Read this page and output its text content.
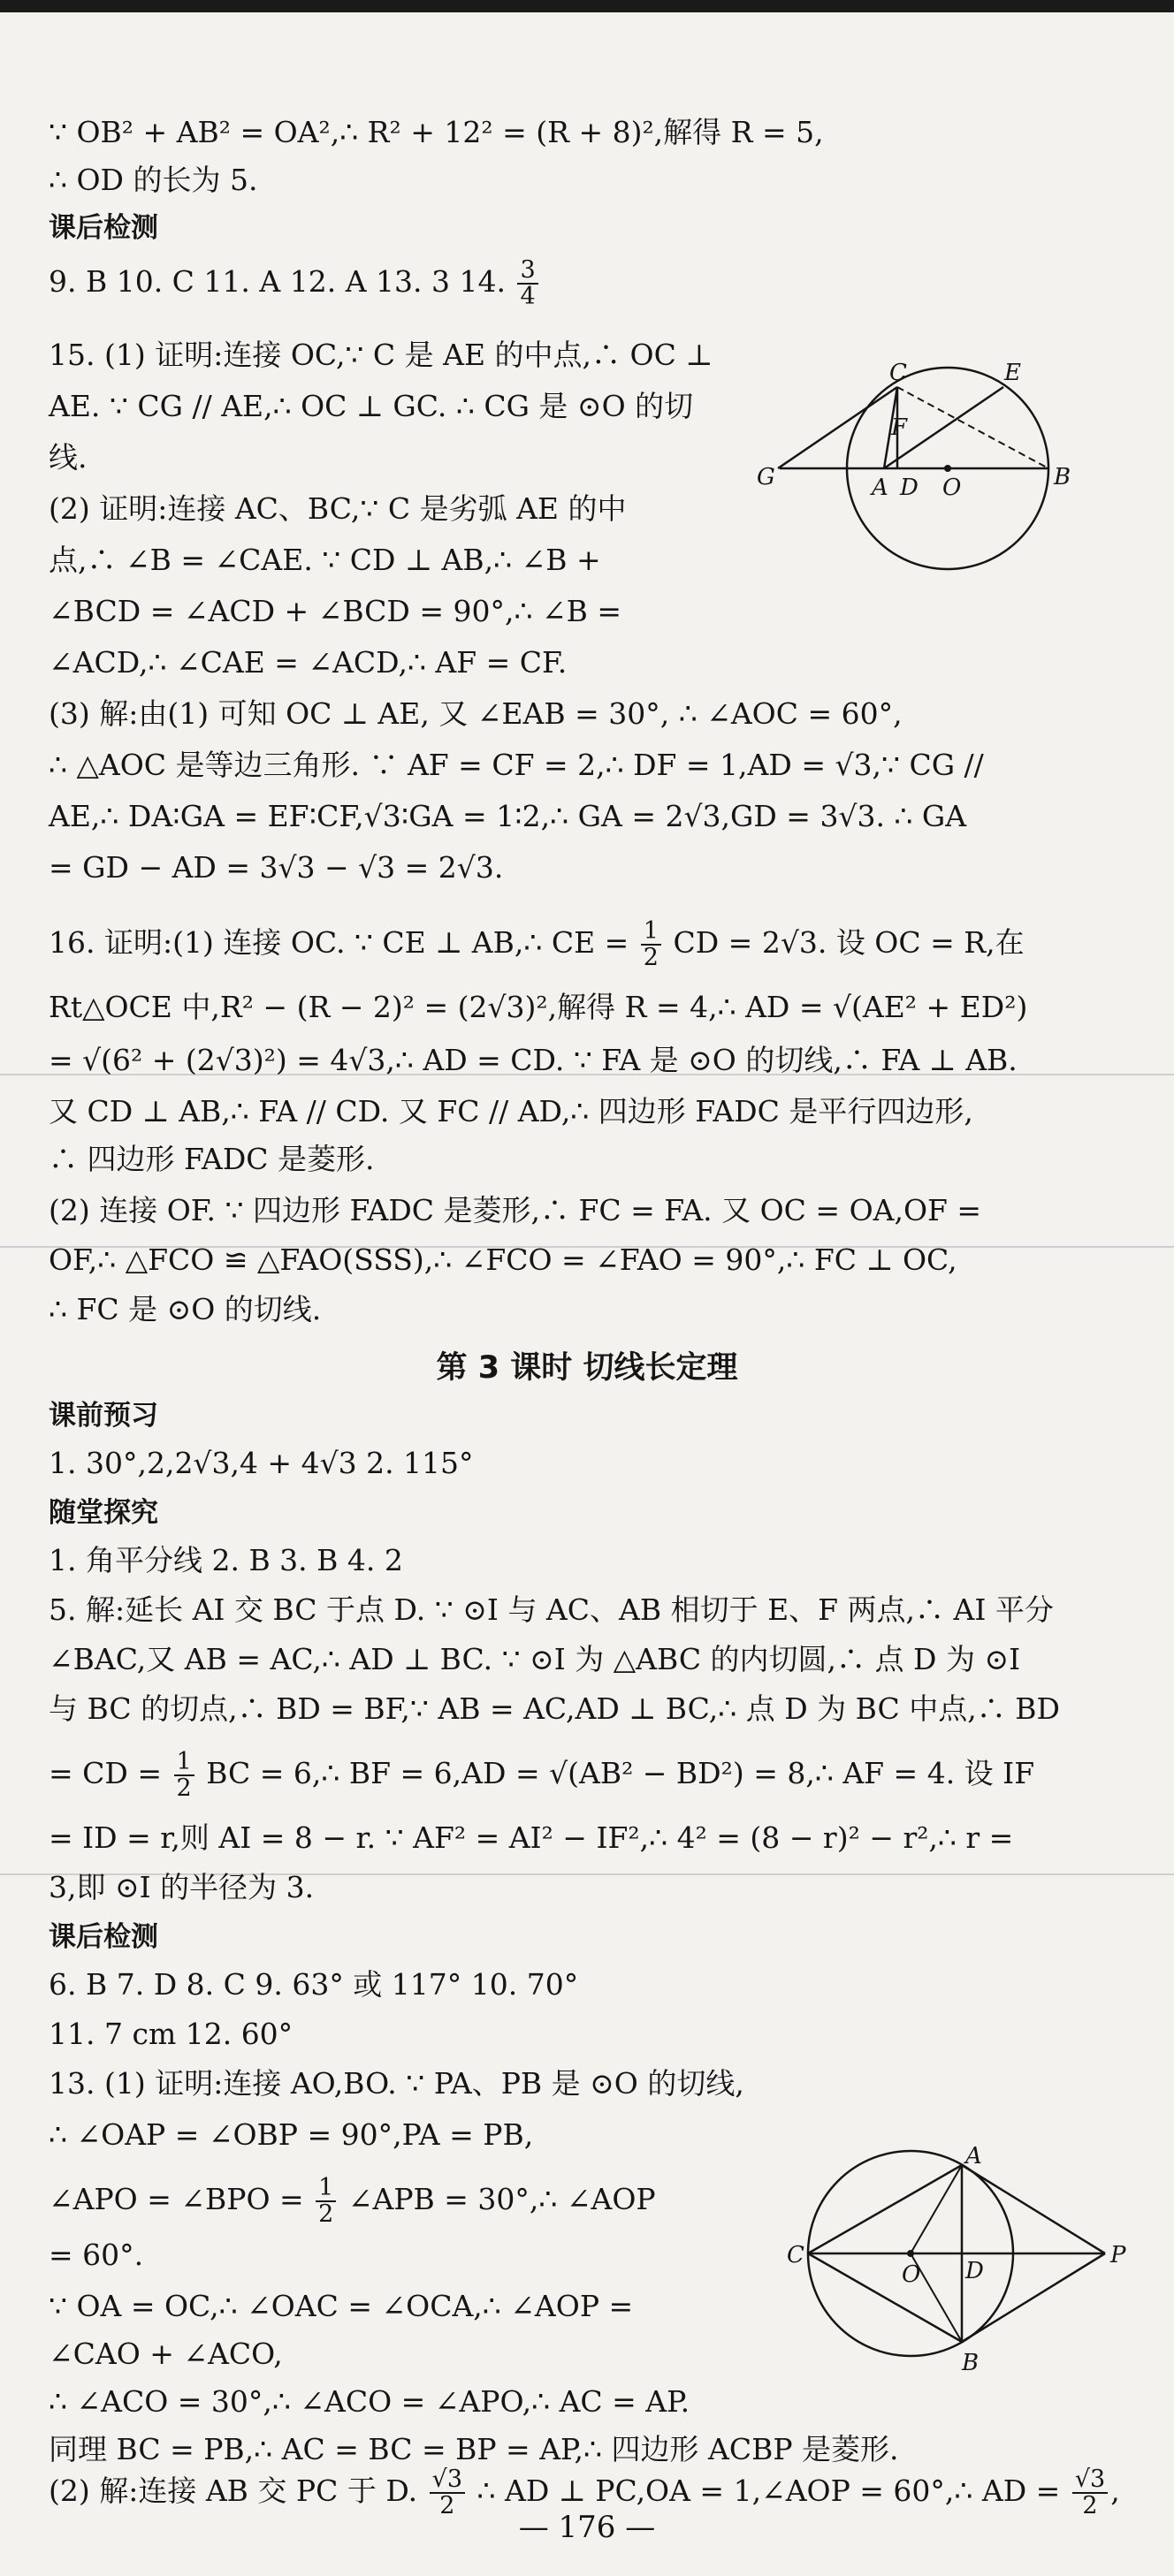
∵ OB² + AB² = OA²,∴ R² + 12² = (R + 8)²,解得 R = 5,
∴ OD 的长为 5.
课后检测
9. B 10. C 11. A 12. A 13. 3 14. $\frac{3}{4}$
15. (1) 证明:连接 OC,∵ C 是 AE 的中点,∴ OC ⊥
AE. ∵ CG // AE,∴ OC ⊥ GC. ∴ CG 是 ⊙O 的切
线.
(2) 证明:连接 AC、BC,∵ C 是劣弧 AE 的中
点,∴ ∠B = ∠CAE. ∵ CD ⊥ AB,∴ ∠B +
∠BCD = ∠ACD + ∠BCD = 90°,∴ ∠B =
∠ACD,∴ ∠CAE = ∠ACD,∴ AF = CF.
(3) 解:由(1) 可知 OC ⊥ AE, 又 ∠EAB = 30°, ∴ ∠AOC = 60°,
∴ △AOC 是等边三角形. ∵ AF = CF = 2,∴ DF = 1,AD = √3,∵ CG //
AE,∴ DA∶GA = EF∶CF,√3∶GA = 1∶2,∴ GA = 2√3,GD = 3√3. ∴ GA
= GD − AD = 3√3 − √3 = 2√3.
16. 证明:(1) 连接 OC. ∵ CE ⊥ AB,∴ CE = $\frac{1}{2}$ CD = 2√3. 设 OC = R,在
Rt△OCE 中,R² − (R − 2)² = (2√3)²,解得 R = 4,∴ AD = √(AE² + ED²)
= √(6² + (2√3)²) = 4√3,∴ AD = CD. ∵ FA 是 ⊙O 的切线,∴ FA ⊥ AB.
又 CD ⊥ AB,∴ FA // CD. 又 FC // AD,∴ 四边形 FADC 是平行四边形,
∴ 四边形 FADC 是菱形.
(2) 连接 OF. ∵ 四边形 FADC 是菱形,∴ FC = FA. 又 OC = OA,OF =
OF,∴ △FCO ≌ △FAO(SSS),∴ ∠FCO = ∠FAO = 90°,∴ FC ⊥ OC,
∴ FC 是 ⊙O 的切线.
第 3 课时 切线长定理
课前预习
1. 30°,2,2√3,4 + 4√3 2. 115°
随堂探究
1. 角平分线 2. B 3. B 4. 2
5. 解:延长 AI 交 BC 于点 D. ∵ ⊙I 与 AC、AB 相切于 E、F 两点,∴ AI 平分
∠BAC,又 AB = AC,∴ AD ⊥ BC. ∵ ⊙I 为 △ABC 的内切圆,∴ 点 D 为 ⊙I
与 BC 的切点,∴ BD = BF,∵ AB = AC,AD ⊥ BC,∴ 点 D 为 BC 中点,∴ BD
= CD = $\frac{1}{2}$ BC = 6,∴ BF = 6,AD = √(AB² − BD²) = 8,∴ AF = 4. 设 IF
= ID = r,则 AI = 8 − r. ∵ AF² = AI² − IF²,∴ 4² = (8 − r)² − r²,∴ r =
3,即 ⊙I 的半径为 3.
课后检测
6. B 7. D 8. C 9. 63° 或 117° 10. 70°
11. 7 cm 12. 60°
13. (1) 证明:连接 AO,BO. ∵ PA、PB 是 ⊙O 的切线,
∴ ∠OAP = ∠OBP = 90°,PA = PB,
∠APO = ∠BPO = $\frac{1}{2}$ ∠APB = 30°,∴ ∠AOP
= 60°.
∵ OA = OC,∴ ∠OAC = ∠OCA,∴ ∠AOP =
∠CAO + ∠ACO,
∴ ∠ACO = 30°,∴ ∠ACO = ∠APO,∴ AC = AP.
同理 BC = PB,∴ AC = BC = BP = AP,∴ 四边形 ACBP 是菱形.
(2) 解:连接 AB 交 PC 于 D. $\frac{√3}{2}$ ∴ AD ⊥ PC,OA = 1,∠AOP = 60°,∴ AD = $\frac{√3}{2}$ ,
— 176 —
C	E
F
G	A D O	B
A
C
O D
P
B
